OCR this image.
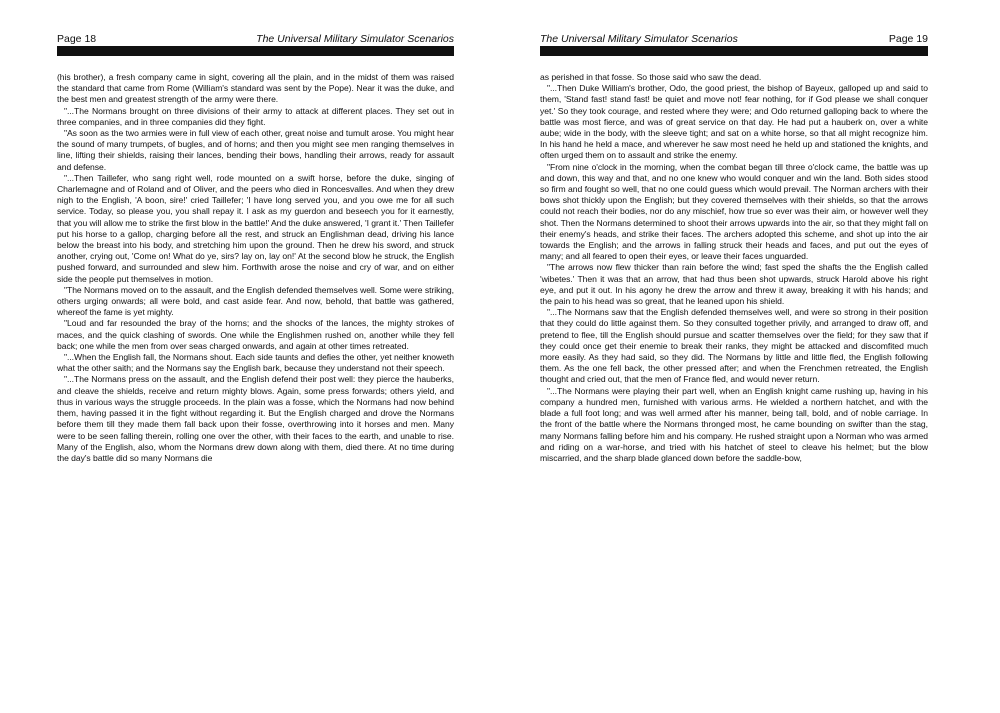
Page 18	The Universal Military Simulator Scenarios

(his brother), a fresh company came in sight, covering all the plain, and in the midst of them was raised the standard that came from Rome (William's standard was sent by the Pope). Near it was the duke, and the best men and greatest strength of the army were there.

"...The Normans brought on three divisions of their army to attack at different places. They set out in three companies, and in three companies did they fight.

"As soon as the two armies were in full view of each other, great noise and tumult arose. You might hear the sound of many trumpets, of bugles, and of horns; and then you might see men ranging themselves in line, lifting their shields, raising their lances, bending their bows, handling their arrows, ready for assault and defense.

"...Then Taillefer, who sang right well, rode mounted on a swift horse, before the duke, singing of Charlemagne and of Roland and of Oliver, and the peers who died in Roncesvalles. And when they drew nigh to the English, 'A boon, sire!' cried Taillefer; 'I have long served you, and you owe me for all such service. Today, so please you, you shall repay it. I ask as my guerdon and beseech you for it earnestly, that you will allow me to strike the first blow in the battle!' And the duke answered, 'I grant it.' Then Taillefer put his horse to a gallop, charging before all the rest, and struck an Englishman dead, driving his lance below the breast into his body, and stretching him upon the ground. Then he drew his sword, and struck another, crying out, 'Come on! What do ye, sirs? lay on, lay on!' At the second blow he struck, the English pushed forward, and surrounded and slew him. Forthwith arose the noise and cry of war, and on either side the people put themselves in motion.

"The Normans moved on to the assault, and the English defended themselves well. Some were striking, others urging onwards; all were bold, and cast aside fear. And now, behold, that battle was gathered, whereof the fame is yet mighty.

"Loud and far resounded the bray of the horns; and the shocks of the lances, the mighty strokes of maces, and the quick clashing of swords. One while the Englishmen rushed on, another while they fell back; one while the men from over seas charged onwards, and again at other times retreated.

"...When the English fall, the Normans shout. Each side taunts and defies the other, yet neither knoweth what the other saith; and the Normans say the English bark, because they understand not their speech.

"...The Normans press on the assault, and the English defend their post well: they pierce the hauberks, and cleave the shields, receive and return mighty blows. Again, some press forwards; others yield, and thus in various ways the struggle proceeds. In the plain was a fosse, which the Normans had now behind them, having passed it in the fight without regarding it. But the English charged and drove the Normans before them till they made them fall back upon their fosse, overthrowing into it horses and men. Many were to be seen falling therein, rolling one over the other, with their faces to the earth, and unable to rise. Many of the English, also, whom the Normans drew down along with them, died there. At no time during the day's battle did so many Normans die

The Universal Military Simulator Scenarios	Page 19

as perished in that fosse. So those said who saw the dead.

"...Then Duke William's brother, Odo, the good priest, the bishop of Bayeux, galloped up and said to them, 'Stand fast! stand fast! be quiet and move not! fear nothing, for if God please we shall conquer yet.' So they took courage, and rested where they were; and Odo returned galloping back to where the battle was most fierce, and was of great service on that day. He had put a hauberk on, over a white aube; wide in the body, with the sleeve tight; and sat on a white horse, so that all might recognize him. In his hand he held a mace, and wherever he saw most need he held up and stationed the knights, and often urged them on to assault and strike the enemy.

"From nine o'clock in the morning, when the combat began till three o'clock came, the battle was up and down, this way and that, and no one knew who would conquer and win the land. Both sides stood so firm and fought so well, that no one could guess which would prevail. The Norman archers with their bows shot thickly upon the English; but they covered themselves with their shields, so that the arrows could not reach their bodies, nor do any mischief, how true so ever was their aim, or however well they shot. Then the Normans determined to shoot their arrows upwards into the air, so that they might fall on their enemy's heads, and strike their faces. The archers adopted this scheme, and shot up into the air towards the English; and the arrows in falling struck their heads and faces, and put out the eyes of many; and all feared to open their eyes, or leave their faces unguarded.

"The arrows now flew thicker than rain before the wind; fast sped the shafts the the English called 'wibetes.' Then it was that an arrow, that had thus been shot upwards, struck Harold above his right eye, and put it out. In his agony he drew the arrow and threw it away, breaking it with his hands; and the pain to his head was so great, that he leaned upon his shield.

"...The Normans saw that the English defended themselves well, and were so strong in their position that they could do little against them. So they consulted together privily, and arranged to draw off, and pretend to flee, till the English should pursue and scatter themselves over the field; for they saw that if they could once get their enemie to break their ranks, they might be attacked and discomfited much more easily. As they had said, so they did. The Normans by little and little fled, the English following them. As the one fell back, the other pressed after; and when the Frenchmen retreated, the English thought and cried out, that the men of France fled, and would never return.

"...The Normans were playing their part well, when an English knight came rushing up, having in his company a hundred men, furnished with various arms. He wielded a northern hatchet, and with the blade a full foot long; and was well armed after his manner, being tall, bold, and of noble carriage. In the front of the battle where the Normans thronged most, he came bounding on swifter than the stag, many Normans falling before him and his company. He rushed straight upon a Norman who was armed and riding on a war-horse, and tried with his hatchet of steel to cleave his helmet; but the blow miscarried, and the sharp blade glanced down before the saddle-bow,
